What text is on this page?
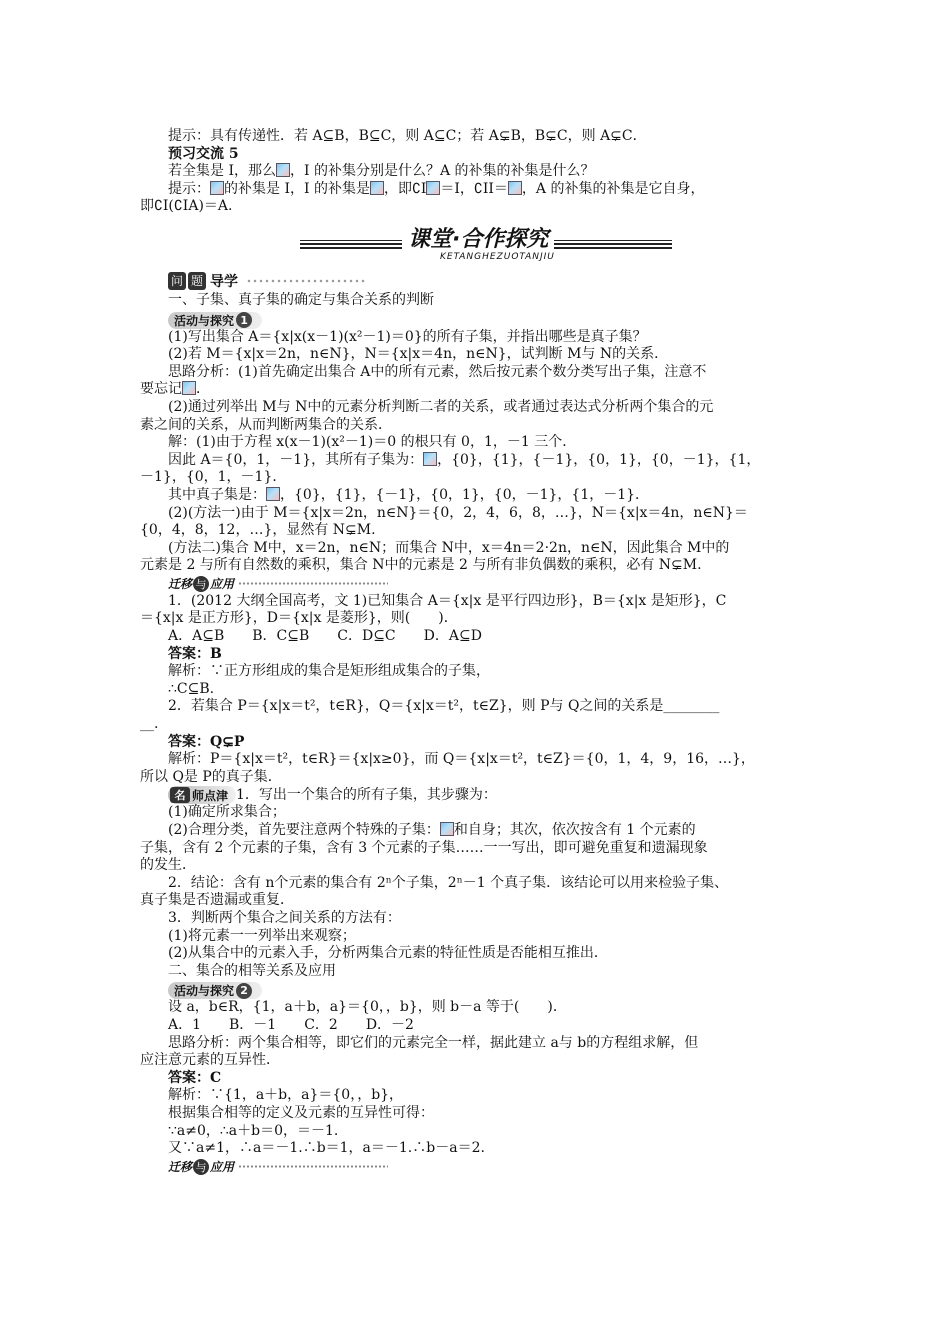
提示：具有传递性．若 A⊆B，B⊆C，则 A⊆C；若 A⊊B，B⊊C，则 A⊊C．
预习交流 5
若全集是 I，那么 ，I 的补集分别是什么？A 的补集的补集是什么？
提示： 的补集是 I，I 的补集是 ，即∁I ＝I，∁II＝ ，A 的补集的补集是它自身，
即∁I(∁IA)＝A.
课堂·合作探究
KETANGHEZUOTANJIU
问 题 导学
一、子集、真子集的确定与集合关系的判断
活动与探究 1
(1)写出集合 A＝{x|x(x－1)(x²－1)＝0}的所有子集，并指出哪些是真子集？
(2)若 M＝{x|x＝2n，n∈N}，N＝{x|x＝4n，n∈N}，试判断 M与 N的关系．
思路分析：(1)首先确定出集合 A中的所有元素，然后按元素个数分类写出子集，注意不
要忘记 ．
(2)通过列举出 M与 N中的元素分析判断二者的关系，或者通过表达式分析两个集合的元
素之间的关系，从而判断两集合的关系．
解：(1)由于方程 x(x－1)(x²－1)＝0 的根只有 0，1，－1 三个．
因此 A＝{0，1，－1}，其所有子集为： ，{0}，{1}，{－1}，{0，1}，{0，－1}，{1，
－1}，{0，1，－1}．
其中真子集是： ，{0}，{1}，{－1}，{0，1}，{0，－1}，{1，－1}．
(2)(方法一)由于 M＝{x|x＝2n，n∈N}＝{0，2，4，6，8，…}，N＝{x|x＝4n，n∈N}＝
{0，4，8，12，…}，显然有 N⊊M.
(方法二)集合 M中，x＝2n，n∈N；而集合 N中，x＝4n＝2·2n，n∈N，因此集合 M中的
元素是 2 与所有自然数的乘积，集合 N中的元素是 2 与所有非负偶数的乘积，必有 N⊊M.
迁移 与 应用
1．(2012 大纲全国高考，文 1)已知集合 A＝{x|x 是平行四边形}，B＝{x|x 是矩形}，C
＝{x|x 是正方形}，D＝{x|x 是菱形}，则(　　)．
A．A⊆B　　B．C⊆B　　C．D⊆C　　D．A⊆D
答案：B
解析：∵正方形组成的集合是矩形组成集合的子集，
∴C⊆B.
2．若集合 P＝{x|x＝t²，t∈R}，Q＝{x|x＝t²，t∈Z}，则 P与 Q之间的关系是________
__.
答案：Q⊊P
解析：P＝{x|x＝t²，t∈R}＝{x|x≥0}，而 Q＝{x|x＝t²，t∈Z}＝{0，1，4，9，16，…}，
所以 Q是 P的真子集．
名 师点津 1．写出一个集合的所有子集，其步骤为：
(1)确定所求集合；
(2)合理分类，首先要注意两个特殊的子集： 和自身；其次，依次按含有 1 个元素的
子集，含有 2 个元素的子集，含有 3 个元素的子集……一一写出，即可避免重复和遗漏现象
的发生．
2．结论：含有 n个元素的集合有 2ⁿ个子集，2ⁿ－1 个真子集．该结论可以用来检验子集、
真子集是否遗漏或重复．
3．判断两个集合之间关系的方法有：
(1)将元素一一列举出来观察；
(2)从集合中的元素入手，分析两集合元素的特征性质是否能相互推出．
二、集合的相等关系及应用
活动与探究 2
设 a，b∈R，{1，a＋b，a}＝{0，，b}，则 b－a 等于(　　)．
A．1　　B．－1　　C．2　　D．－2
思路分析：两个集合相等，即它们的元素完全一样，据此建立 a与 b的方程组求解，但
应注意元素的互异性．
答案：C
解析：∵{1，a＋b，a}＝{0，，b}，
根据集合相等的定义及元素的互异性可得：
∵a≠0，∴a＋b＝0，＝－1.
又∵a≠1，∴a＝－1.∴b＝1，a＝－1.∴b－a＝2.
迁移 与 应用
